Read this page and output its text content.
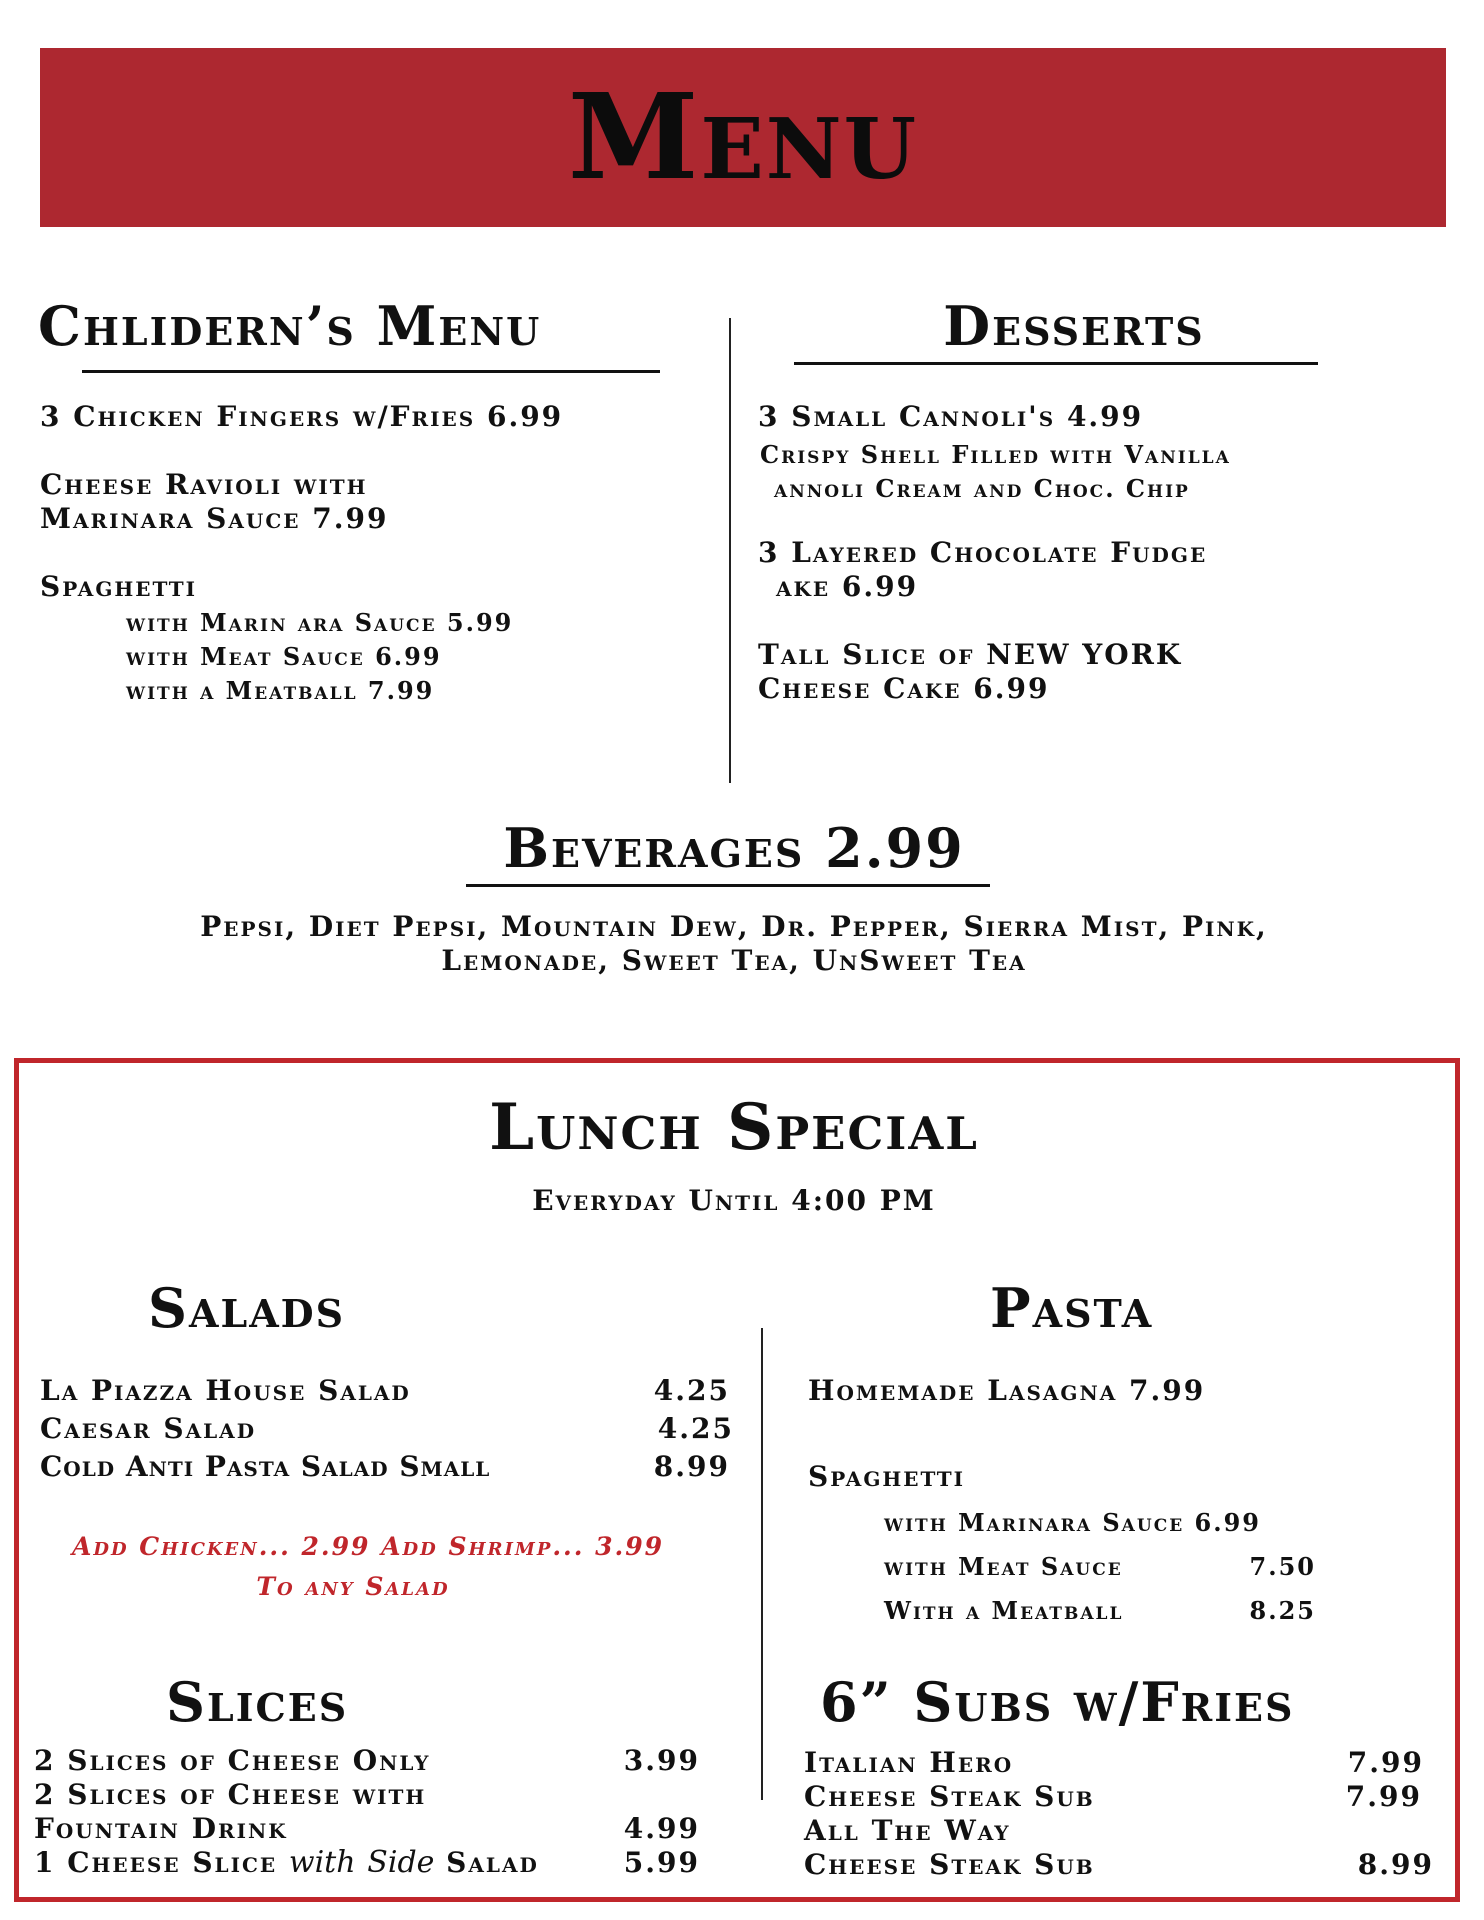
Menu
Chlidern’s Menu
3 Chicken Fingers w/Fries 6.99
Cheese Ravioli with
Marinara Sauce 7.99
Spaghetti
with Marin ara Sauce 5.99
with Meat Sauce 6.99
with a Meatball 7.99
Desserts
3 Small Cannoli's 4.99
Crispy Shell Filled with Vanilla
annoli Cream and Choc. Chip
3 Layered Chocolate Fudge
ake 6.99
Tall Slice of NEW YORK
Cheese Cake 6.99
Beverages 2.99
Pepsi, Diet Pepsi, Mountain Dew, Dr. Pepper, Sierra Mist, Pink,
Lemonade, Sweet Tea, UnSweet Tea
Lunch Special
Everyday Until 4:00 PM
Salads
La Piazza House Salad	4.25
Caesar Salad	4.25
Cold Anti Pasta Salad Small	8.99
Add Chicken... 2.99 Add Shrimp... 3.99
To any Salad
Slices
2 Slices of Cheese Only	3.99
2 Slices of Cheese with
Fountain Drink	4.99
1 Cheese Slice with Side Salad	5.99
Pasta
Homemade Lasagna 7.99
Spaghetti
with Marinara Sauce 6.99
with Meat Sauce	7.50
With a Meatball	8.25
6” Subs w/Fries
Italian Hero	7.99
Cheese Steak Sub	7.99
All The Way
Cheese Steak Sub	8.99
